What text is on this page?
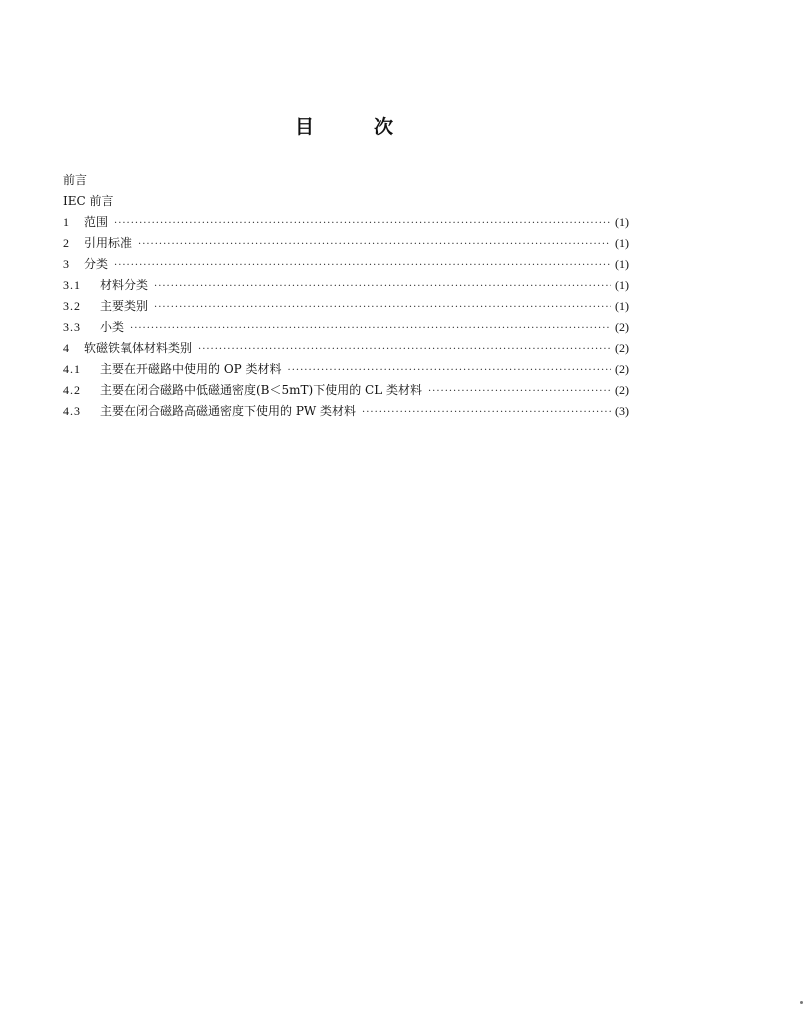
目	次
前言
IEC 前言
1	范围 ·····	(1)
2	引用标准 ·····	(1)
3	分类 ·····	(1)
3.1	材料分类 ·····	(1)
3.2	主要类别 ·····	(1)
3.3	小类 ·····	(2)
4	软磁铁氧体材料类别 ·····	(2)
4.1	主要在开磁路中使用的 OP 类材料 ·····	(2)
4.2	主要在闭合磁路中低磁通密度(B＜5mT)下使用的 CL 类材料 ·····	(2)
4.3	主要在闭合磁路高磁通密度下使用的 PW 类材料 ·····	(3)
